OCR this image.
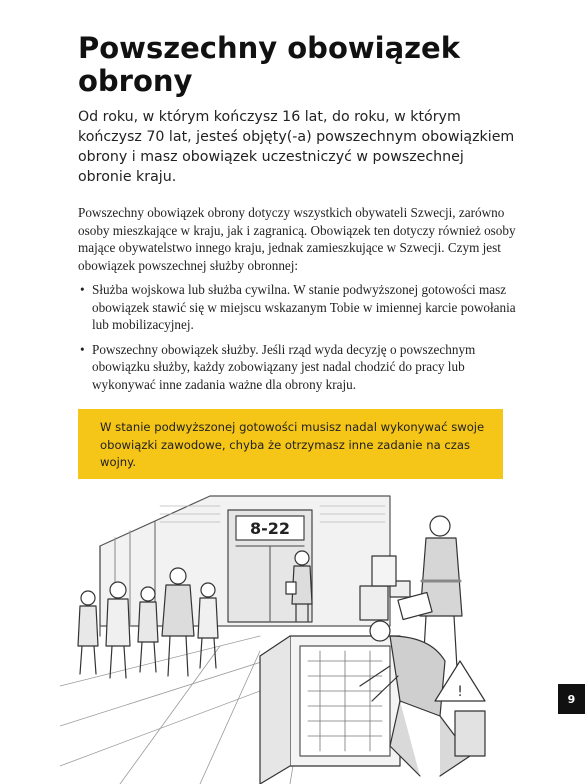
Powszechny obowiązek obrony

Od roku, w którym kończysz 16 lat, do roku, w którym kończysz 70 lat, jesteś objęty(-a) powszechnym obowiązkiem obrony i masz obowiązek uczestniczyć w powszechnej obronie kraju.

Powszechny obowiązek obrony dotyczy wszystkich obywateli Szwecji, zarówno osoby mieszkające w kraju, jak i zagranicą. Obowiązek ten dotyczy również osoby mające obywatelstwo innego kraju, jednak zamieszkujące w Szwecji. Czym jest obowiązek powszechnej służby obronnej:

• Służba wojskowa lub służba cywilna. W stanie podwyższonej gotowości masz obowiązek stawić się w miejscu wskazanym Tobie w imiennej karcie powołania lub mobilizacyjnej.
• Powszechny obowiązek służby. Jeśli rząd wyda decyzję o powszechnym obowiązku służby, każdy zobowiązany jest nadal chodzić do pracy lub wykonywać inne zadania ważne dla obrony kraju.

W stanie podwyższonej gotowości musisz nadal wykonywać swoje obowiązki zawodowe, chyba że otrzymasz inne zadanie na czas wojny.

8-22
!	9
